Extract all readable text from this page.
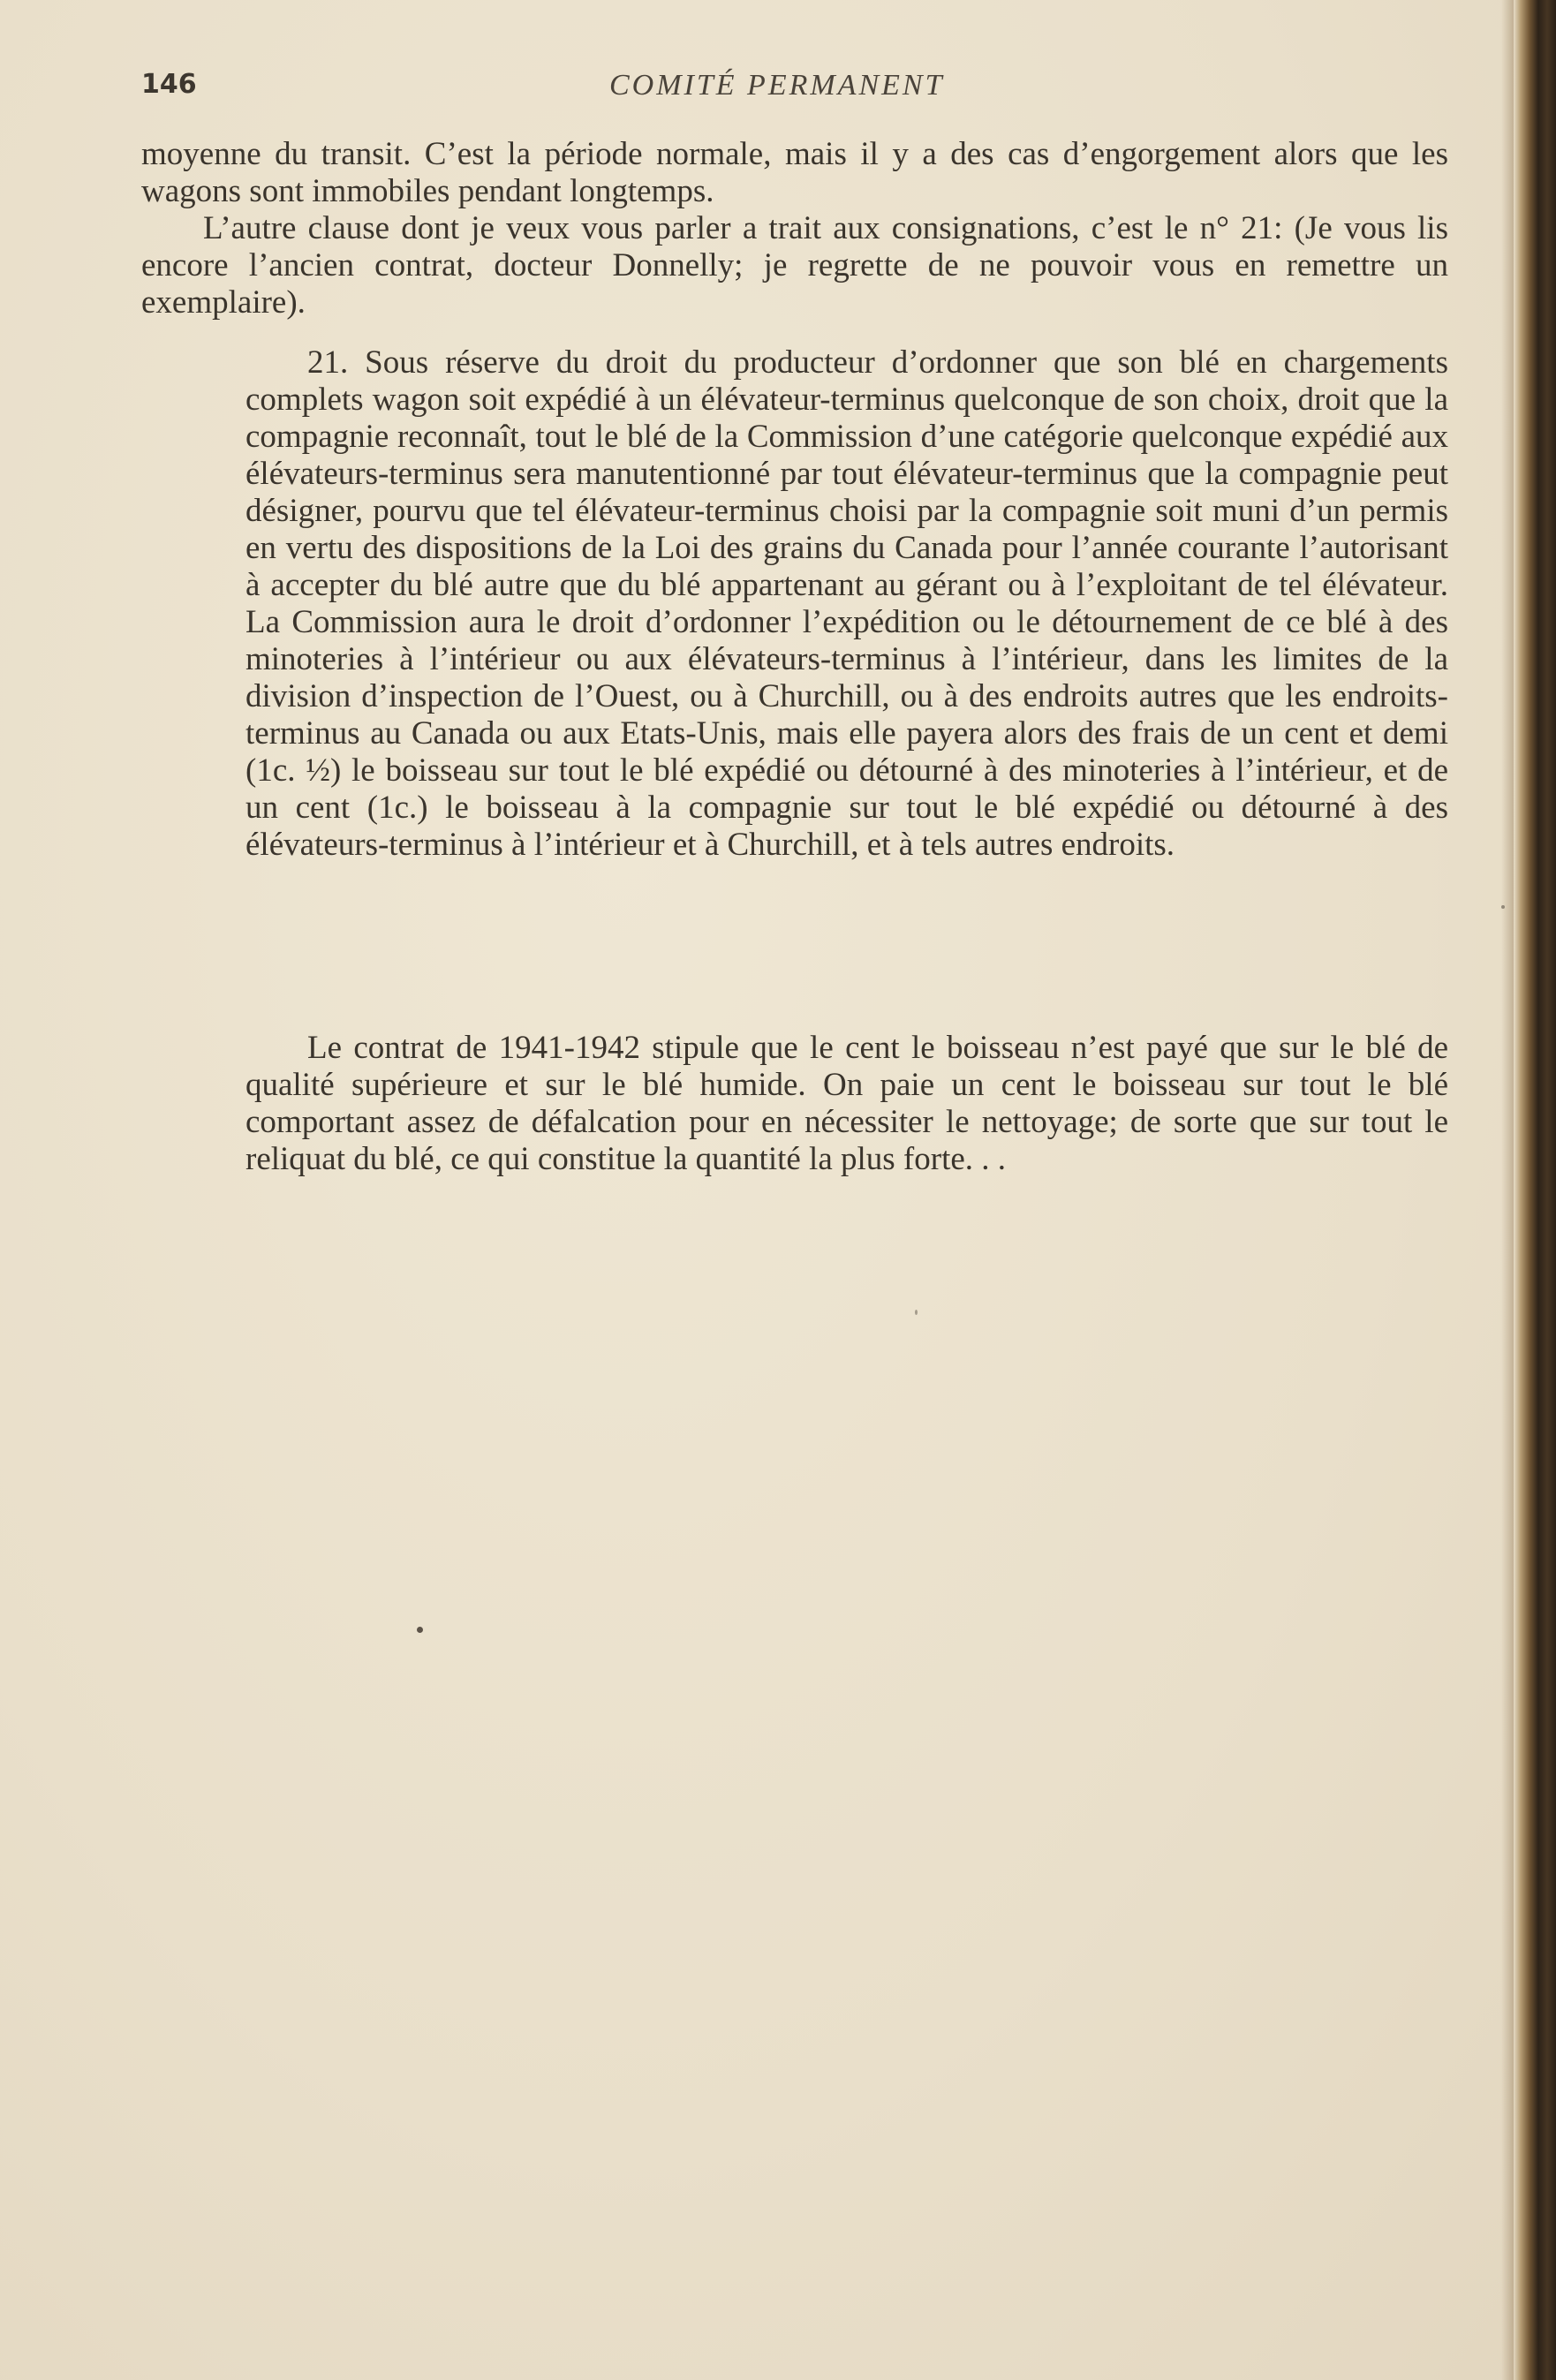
146	COMITÉ PERMANENT

moyenne du transit. C’est la période normale, mais il y a des cas d’engorgement alors que les wagons sont immobiles pendant longtemps.

L’autre clause dont je veux vous parler a trait aux consignations, c’est le n° 21: (Je vous lis encore l’ancien contrat, docteur Donnelly; je regrette de ne pouvoir vous en remettre un exemplaire).

21. Sous réserve du droit du producteur d’ordonner que son blé en chargements complets wagon soit expédié à un élévateur-terminus quelconque de son choix, droit que la compagnie reconnaît, tout le blé de la Commission d’une catégorie quelconque expédié aux élévateurs-terminus sera manutentionné par tout élévateur-terminus que la compagnie peut désigner, pourvu que tel élévateur-terminus choisi par la compagnie soit muni d’un permis en vertu des dispositions de la Loi des grains du Canada pour l’année courante l’autorisant à accepter du blé autre que du blé appartenant au gérant ou à l’exploitant de tel élévateur. La Commission aura le droit d’ordonner l’expédition ou le détournement de ce blé à des minoteries à l’intérieur ou aux élévateurs-terminus à l’intérieur, dans les limites de la division d’inspection de l’Ouest, ou à Churchill, ou à des endroits autres que les endroits-terminus au Canada ou aux Etats-Unis, mais elle payera alors des frais de un cent et demi (1c. ½) le boisseau sur tout le blé expédié ou détourné à des minoteries à l’intérieur, et de un cent (1c.) le boisseau à la compagnie sur tout le blé expédié ou détourné à des élévateurs-terminus à l’intérieur et à Churchill, et à tels autres endroits.

Le contrat de 1941-1942 stipule que le cent le boisseau n’est payé que sur le blé de qualité supérieure et sur le blé humide. On paie un cent le boisseau sur tout le blé comportant assez de défalcation pour en nécessiter le nettoyage; de sorte que sur tout le reliquat du blé, ce qui constitue la quantité la plus forte. . .
